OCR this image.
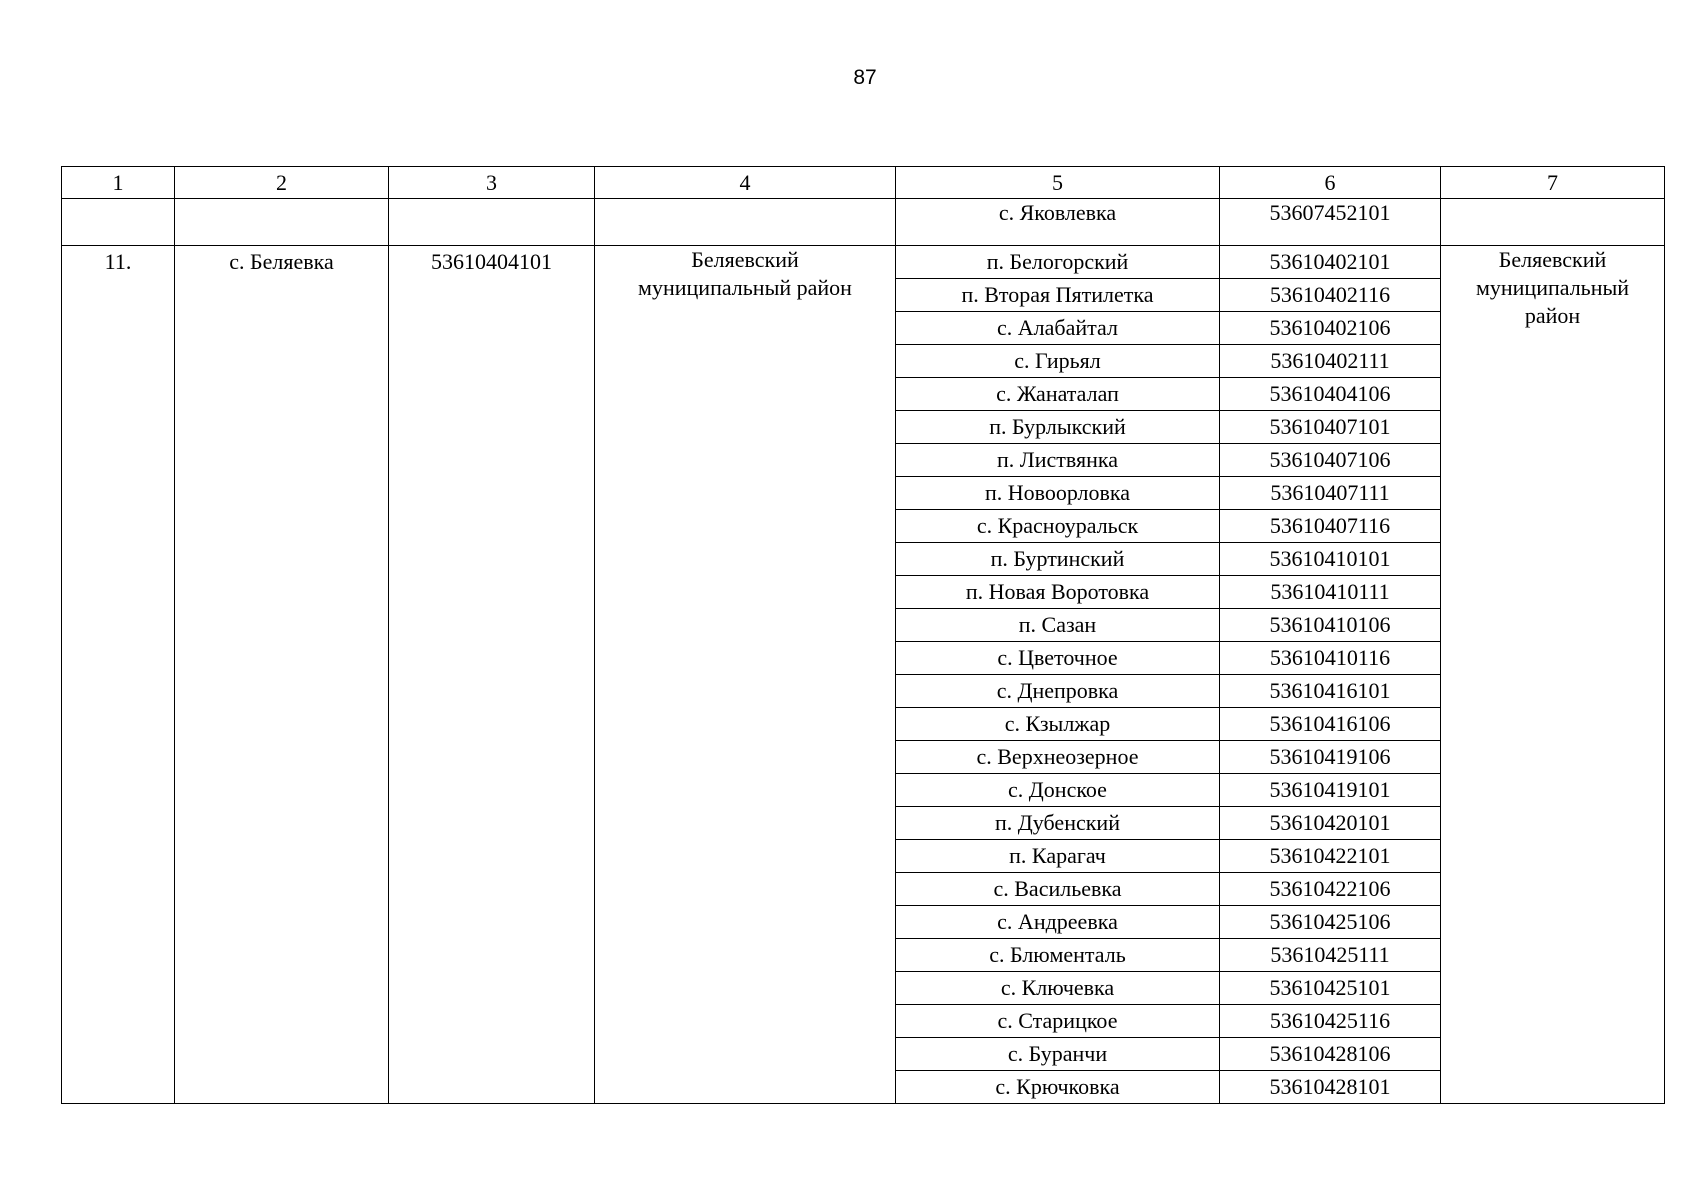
87
1	2	3	4	5	6	7
				с. Яковлевка	53607452101	
11.	с. Беляевка	53610404101	Беляевский муниципальный район	п. Белогорский	53610402101	Беляевский муниципальный район
				п. Вторая Пятилетка	53610402116	
				с. Алабайтал	53610402106	
				с. Гирьял	53610402111	
				с. Жанаталап	53610404106	
				п. Бурлыкский	53610407101	
				п. Листвянка	53610407106	
				п. Новоорловка	53610407111	
				с. Красноуральск	53610407116	
				п. Буртинский	53610410101	
				п. Новая Воротовка	53610410111	
				п. Сазан	53610410106	
				с. Цветочное	53610410116	
				с. Днепровка	53610416101	
				с. Кзылжар	53610416106	
				с. Верхнеозерное	53610419106	
				с. Донское	53610419101	
				п. Дубенский	53610420101	
				п. Карагач	53610422101	
				с. Васильевка	53610422106	
				с. Андреевка	53610425106	
				с. Блюменталь	53610425111	
				с. Ключевка	53610425101	
				с. Старицкое	53610425116	
				с. Буранчи	53610428106	
				с. Крючковка	53610428101	
